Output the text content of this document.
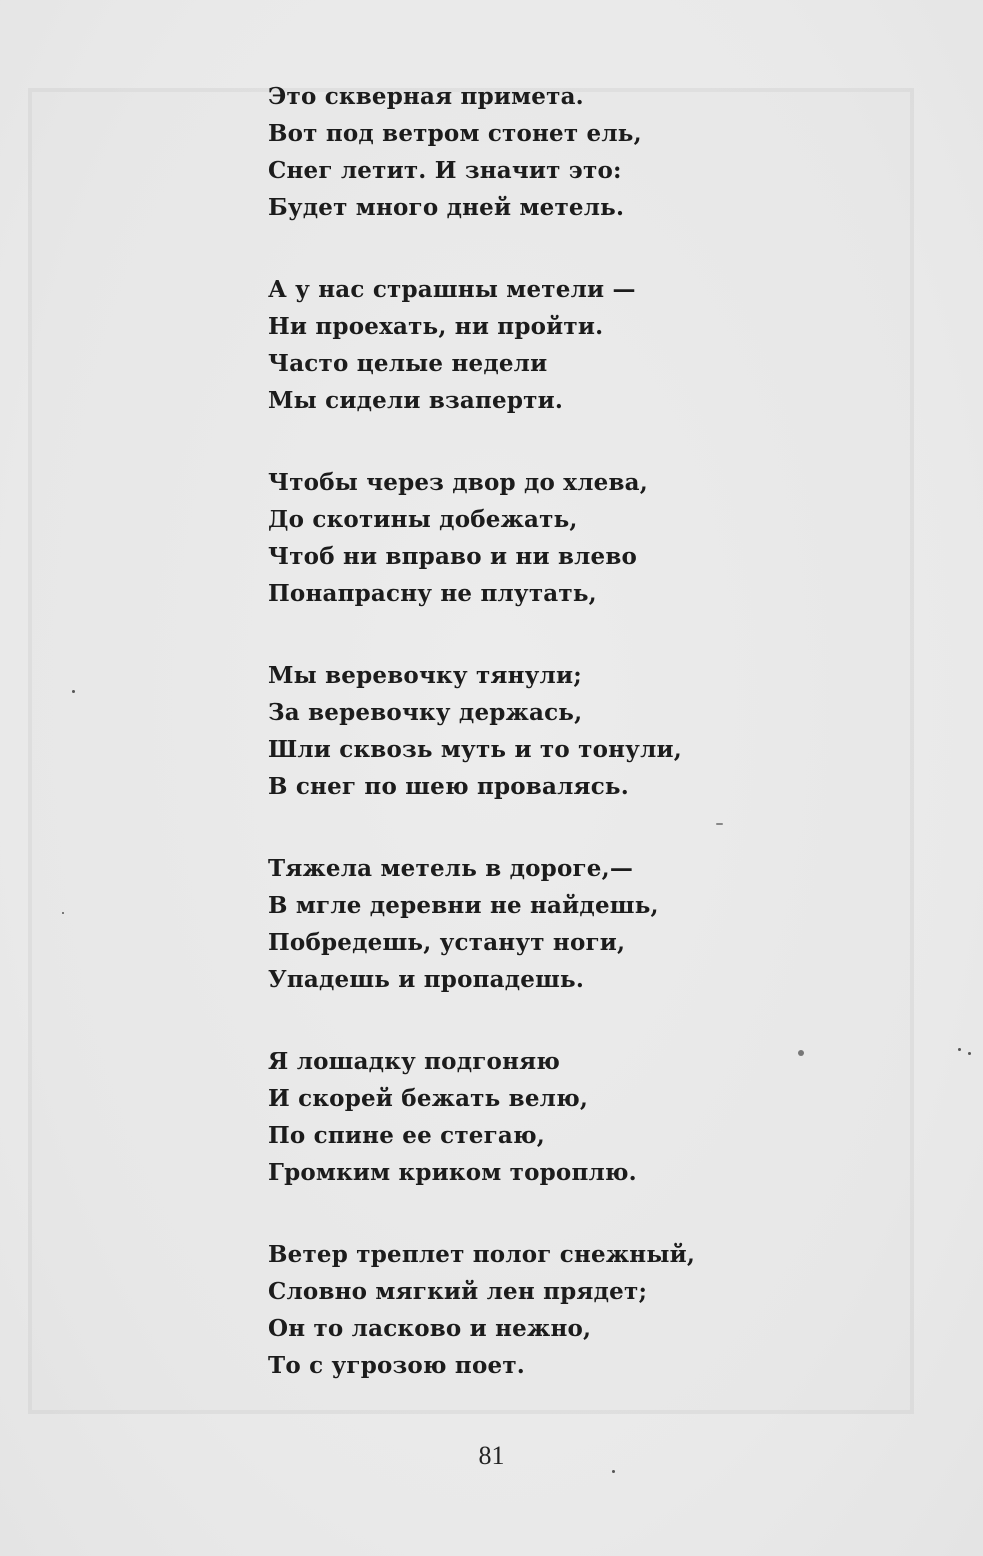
Это скверная примета.
Вот под ветром стонет ель,
Снег летит. И значит это:
Будет много дней метель.
А у нас страшны метели —
Ни проехать, ни пройти.
Часто целые недели
Мы сидели взаперти.
Чтобы через двор до хлева,
До скотины добежать,
Чтоб ни вправо и ни влево
Понапрасну не плутать,
Мы веревочку тянули;
За веревочку держась,
Шли сквозь муть и то тонули,
В снег по шею провалясь.
Тяжела метель в дороге,—
В мгле деревни не найдешь,
Побредешь, устанут ноги,
Упадешь и пропадешь.
Я лошадку подгоняю
И скорей бежать велю,
По спине ее стегаю,
Громким криком тороплю.
Ветер треплет полог снежный,
Словно мягкий лен прядет;
Он то ласково и нежно,
То с угрозою поет.
81
